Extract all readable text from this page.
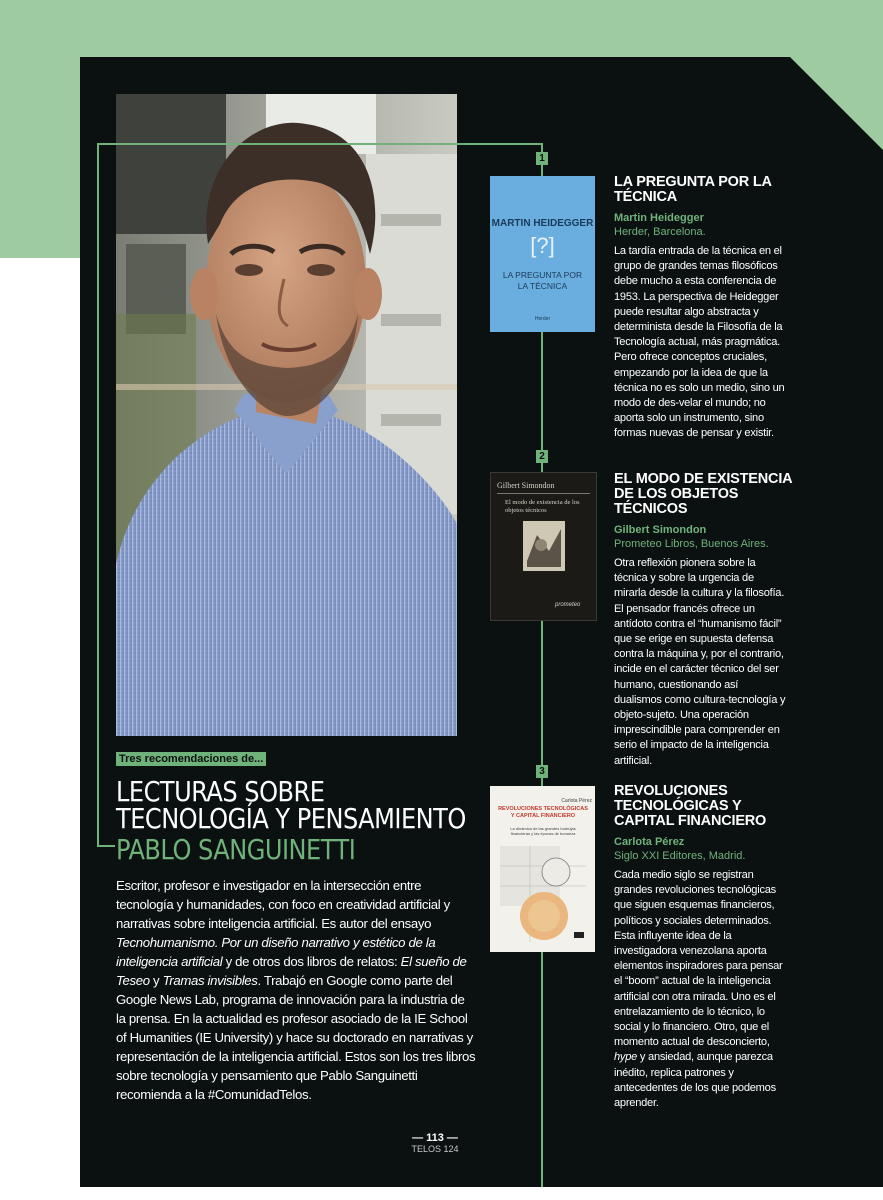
1
2
3
MARTIN HEIDEGGER
[?]
LA PREGUNTA POR LA TÉCNICA
Herder
Gilbert Simondon
El modo de existencia de los objetos técnicos
prometeo
Carlota Pérez
REVOLUCIONES TECNOLÓGICAS Y CAPITAL FINANCIERO
La dinámica de las grandes burbujas financieras y las épocas de bonanza
LA PREGUNTA POR LA TÉCNICA
Martin Heidegger
Herder, Barcelona.

La tardía entrada de la técnica en el grupo de grandes temas filosóficos debe mucho a esta conferencia de 1953. La perspectiva de Heidegger puede resultar algo abstracta y determinista desde la Filosofía de la Tecnología actual, más pragmática. Pero ofrece conceptos cruciales, empezando por la idea de que la técnica no es solo un medio, sino un modo de des-velar el mundo; no aporta solo un instrumento, sino formas nuevas de pensar y existir.

EL MODO DE EXISTENCIA DE LOS OBJETOS TÉCNICOS
Gilbert Simondon
Prometeo Libros, Buenos Aires.

Otra reflexión pionera sobre la técnica y sobre la urgencia de mirarla desde la cultura y la filosofía. El pensador francés ofrece un antídoto contra el “humanismo fácil” que se erige en supuesta defensa contra la máquina y, por el contrario, incide en el carácter técnico del ser humano, cuestionando así dualismos como cultura-tecnología y objeto-sujeto. Una operación imprescindible para comprender en serio el impacto de la inteligencia artificial.

REVOLUCIONES TECNOLÓGICAS Y CAPITAL FINANCIERO
Carlota Pérez
Siglo XXI Editores, Madrid.

Cada medio siglo se registran grandes revoluciones tecnológicas que siguen esquemas financieros, políticos y sociales determinados. Esta influyente idea de la investigadora venezolana aporta elementos inspiradores para pensar el “boom” actual de la inteligencia artificial con otra mirada. Uno es el entrelazamiento de lo técnico, lo social y lo financiero. Otro, que el momento actual de desconcierto, hype y ansiedad, aunque parezca inédito, replica patrones y antecedentes de los que podemos aprender.

Tres recomendaciones de...
LECTURAS SOBRE TECNOLOGÍA Y PENSAMIENTO
PABLO SANGUINETTI

Escritor, profesor e investigador en la intersección entre tecnología y humanidades, con foco en creatividad artificial y narrativas sobre inteligencia artificial. Es autor del ensayo Tecnohumanismo. Por un diseño narrativo y estético de la inteligencia artificial y de otros dos libros de relatos: El sueño de Teseo y Tramas invisibles. Trabajó en Google como parte del Google News Lab, programa de innovación para la industria de la prensa. En la actualidad es profesor asociado de la IE School of Humanities (IE University) y hace su doctorado en narrativas y representación de la inteligencia artificial. Estos son los tres libros sobre tecnología y pensamiento que Pablo Sanguinetti recomienda a la #ComunidadTelos.

— 113 —
TELOS 124
